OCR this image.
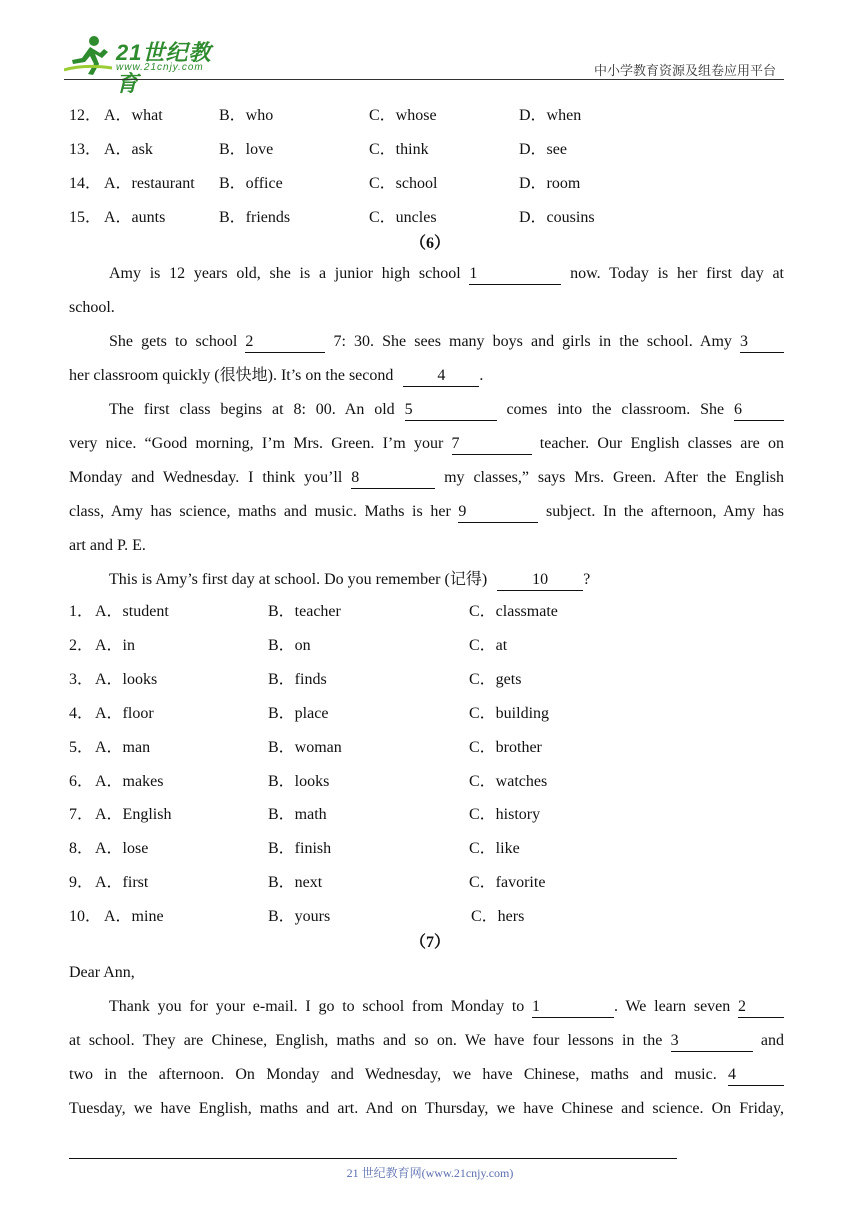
21世纪教育
www.21cnjy.com	中小学教育资源及组卷应用平台
12． A．what	B．who	C．whose	D．when
13． A．ask	B．love	C．think	D．see
14． A．restaurant B．office	C．school	D．room
15． A．aunts	B．friends	C．uncles	D．cousins
（6）
Amy is 12 years old, she is a junior high school 1	now. Today is her first day at
school.
She gets to school 2	7: 30. She sees many boys and girls in the school. Amy 3
her classroom quickly (很快地). It’s on the second	4 .
The first class begins at 8: 00. An old 5	comes into the classroom. She 6
very nice. “Good morning, I’m Mrs. Green. I’m your 7	teacher. Our English classes are on
Monday and Wednesday. I think you’ll 8	my classes,” says Mrs. Green. After the English
class, Amy has science, maths and music. Maths is her 9	subject. In the afternoon, Amy has
art and P. E.
This is Amy’s first day at school. Do you remember (记得)	10 ?
1． A．student	B．teacher	C．classmate
2． A．in	B．on	C．at
3． A．looks	B．finds	C．gets
4． A．floor	B．place	C．building
5． A．man	B．woman	C．brother
6． A．makes	B．looks	C．watches
7． A．English	B．math	C．history
8． A．lose	B．finish	C．like
9． A．first	B．next	C．favorite
10． A．mine	B．yours	C．hers
（7）
Dear Ann,
Thank you for your e-mail. I go to school from Monday to 1	. We learn seven 2
at school. They are Chinese, English, maths and so on. We have four lessons in the 3	and
two in the afternoon. On Monday and Wednesday, we have Chinese, maths and music. 4
Tuesday, we have English, maths and art. And on Thursday, we have Chinese and science. On Friday,
21 世纪教育网(www.21cnjy.com)
